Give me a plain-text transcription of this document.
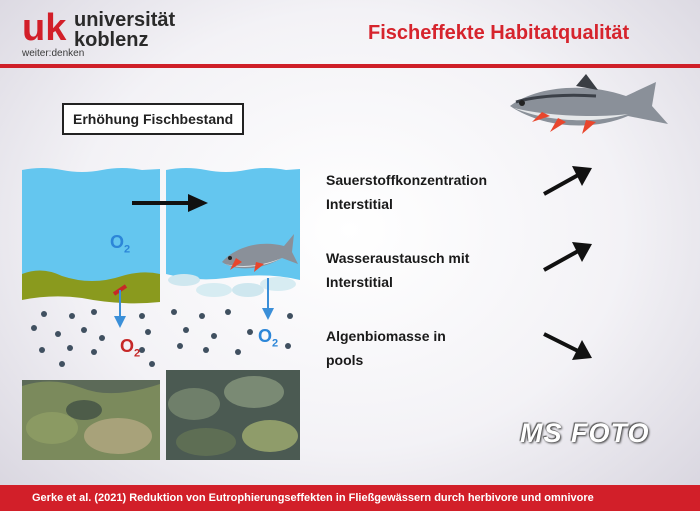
uk universität
koblenz
weiter:denken
Fischeffekte Habitatqualität
Erhöhung Fischbestand
$O_2$
$O_2$
$O_2$
Sauerstoffkonzentration
Interstitial
Wasseraustausch mit
Interstitial
Algenbiomasse in
pools
MS FOTO
Gerke et al. (2021) Reduktion von Eutrophierungseffekten in Fließgewässern durch herbivore und omnivore
